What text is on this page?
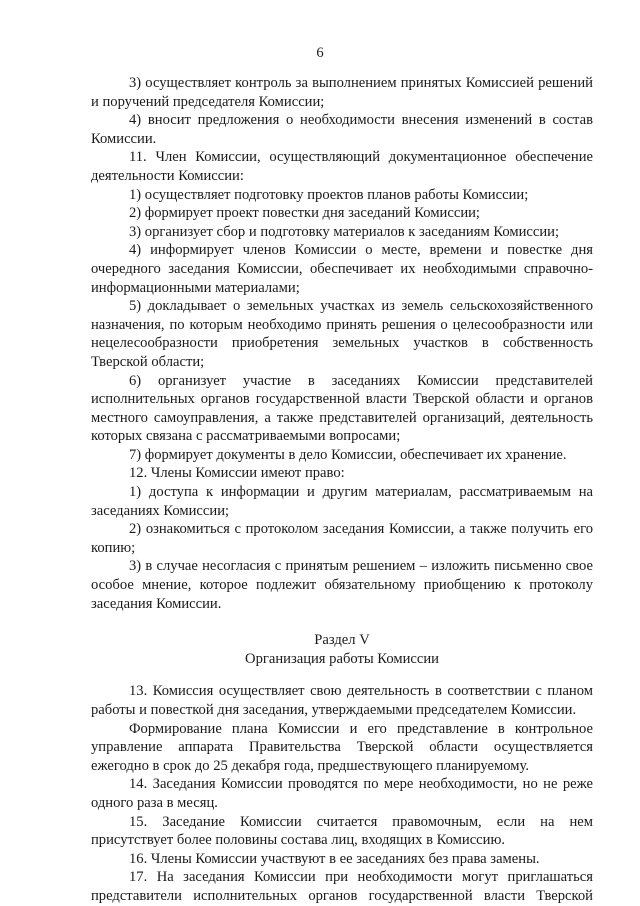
6

3) осуществляет контроль за выполнением принятых Комиссией решений и поручений председателя Комиссии;

4) вносит предложения о необходимости внесения изменений в состав Комиссии.

11. Член Комиссии, осуществляющий документационное обеспечение деятельности Комиссии:

1) осуществляет подготовку проектов планов работы Комиссии;

2) формирует проект повестки дня заседаний Комиссии;

3) организует сбор и подготовку материалов к заседаниям Комиссии;

4) информирует членов Комиссии о месте, времени и повестке дня очередного заседания Комиссии, обеспечивает их необходимыми справочно-информационными материалами;

5) докладывает о земельных участках из земель сельскохозяйственного назначения, по которым необходимо принять решения о целесообразности или нецелесообразности приобретения земельных участков в собственность Тверской области;

6) организует участие в заседаниях Комиссии представителей исполнительных органов государственной власти Тверской области и органов местного самоуправления, а также представителей организаций, деятельность которых связана с рассматриваемыми вопросами;

7) формирует документы в дело Комиссии, обеспечивает их хранение.

12. Члены Комиссии имеют право:

1) доступа к информации и другим материалам, рассматриваемым на заседаниях Комиссии;

2) ознакомиться с протоколом заседания Комиссии, а также получить его копию;

3) в случае несогласия с принятым решением – изложить письменно свое особое мнение, которое подлежит обязательному приобщению к протоколу заседания Комиссии.

Раздел V

Организация работы Комиссии

13. Комиссия осуществляет свою деятельность в соответствии с планом работы и повесткой дня заседания, утверждаемыми председателем Комиссии.

Формирование плана Комиссии и его представление в контрольное управление аппарата Правительства Тверской области осуществляется ежегодно в срок до 25 декабря года, предшествующего планируемому.

14. Заседания Комиссии проводятся по мере необходимости, но не реже одного раза в месяц.

15. Заседание Комиссии считается правомочным, если на нем присутствует более половины состава лиц, входящих в Комиссию.

16. Члены Комиссии участвуют в ее заседаниях без права замены.

17. На заседания Комиссии при необходимости могут приглашаться представители исполнительных органов государственной власти Тверской
